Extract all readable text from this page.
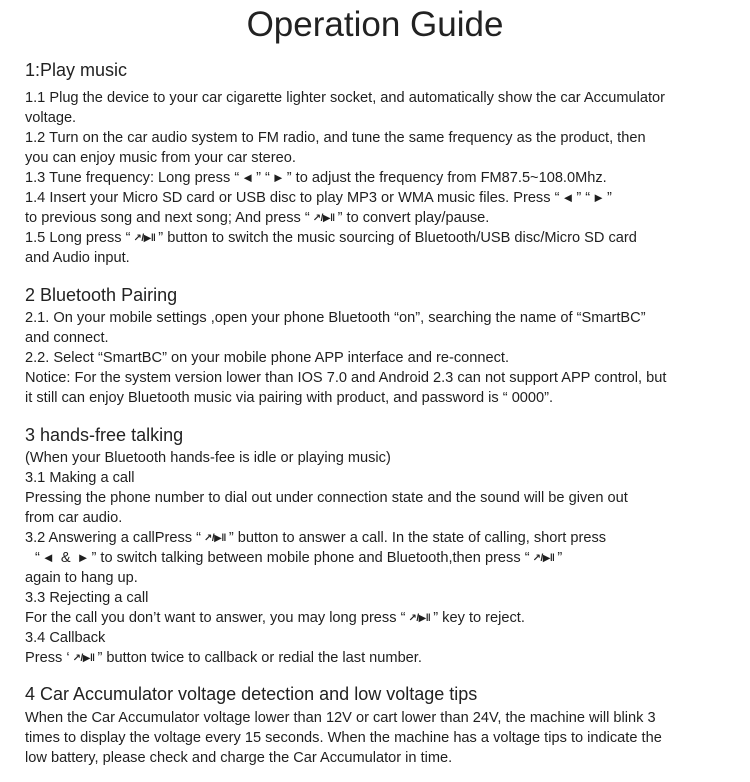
Operation Guide
1:Play music
1.1 Plug the device to your car cigarette lighter socket, and automatically show the car Accumulator
voltage.
1.2 Turn on the car audio system to FM radio, and tune the same frequency as the product, then
you can enjoy music from your car stereo.
1.3 Tune frequency: Long press “ ◄ ” “ ► ” to adjust the frequency from FM87.5~108.0Mhz.
1.4 Insert your Micro SD card or USB disc to play MP3 or WMA music files. Press “ ◄ ” “ ► ”
to previous song and next song; And press “ ↗/▶‖ ” to convert play/pause.
1.5 Long press “ ↗/▶‖ ” button to switch the music sourcing of Bluetooth/USB disc/Micro SD card
and Audio input.
2 Bluetooth Pairing
2.1. On your mobile settings ,open your phone Bluetooth “on”, searching the name of “SmartBC”
and connect.
2.2. Select “SmartBC” on your mobile phone APP interface and re-connect.
Notice: For the system version lower than IOS 7.0 and Android 2.3 can not support APP control, but
it still can enjoy Bluetooth music via pairing with product, and password is “ 0000”.
3 hands-free talking
(When your Bluetooth hands-fee is idle or playing music)
3.1 Making a call
Pressing the phone number to dial out under connection state and the sound will be given out
from car audio.
3.2 Answering a callPress “ ↗/▶‖ ” button to answer a call. In the state of calling, short press
“ ◄ & ► ” to switch talking between mobile phone and Bluetooth,then press “ ↗/▶‖ ”
again to hang up.
3.3 Rejecting a call
For the call you don’t want to answer, you may long press “ ↗/▶‖ ” key to reject.
3.4 Callback
Press ‘ ↗/▶‖ ” button twice to callback or redial the last number.
4 Car Accumulator voltage detection and low voltage tips
When the Car Accumulator voltage lower than 12V or cart lower than 24V, the machine will blink 3
times to display the voltage every 15 seconds. When the machine has a voltage tips to indicate the
low battery, please check and charge the Car Accumulator in time.
